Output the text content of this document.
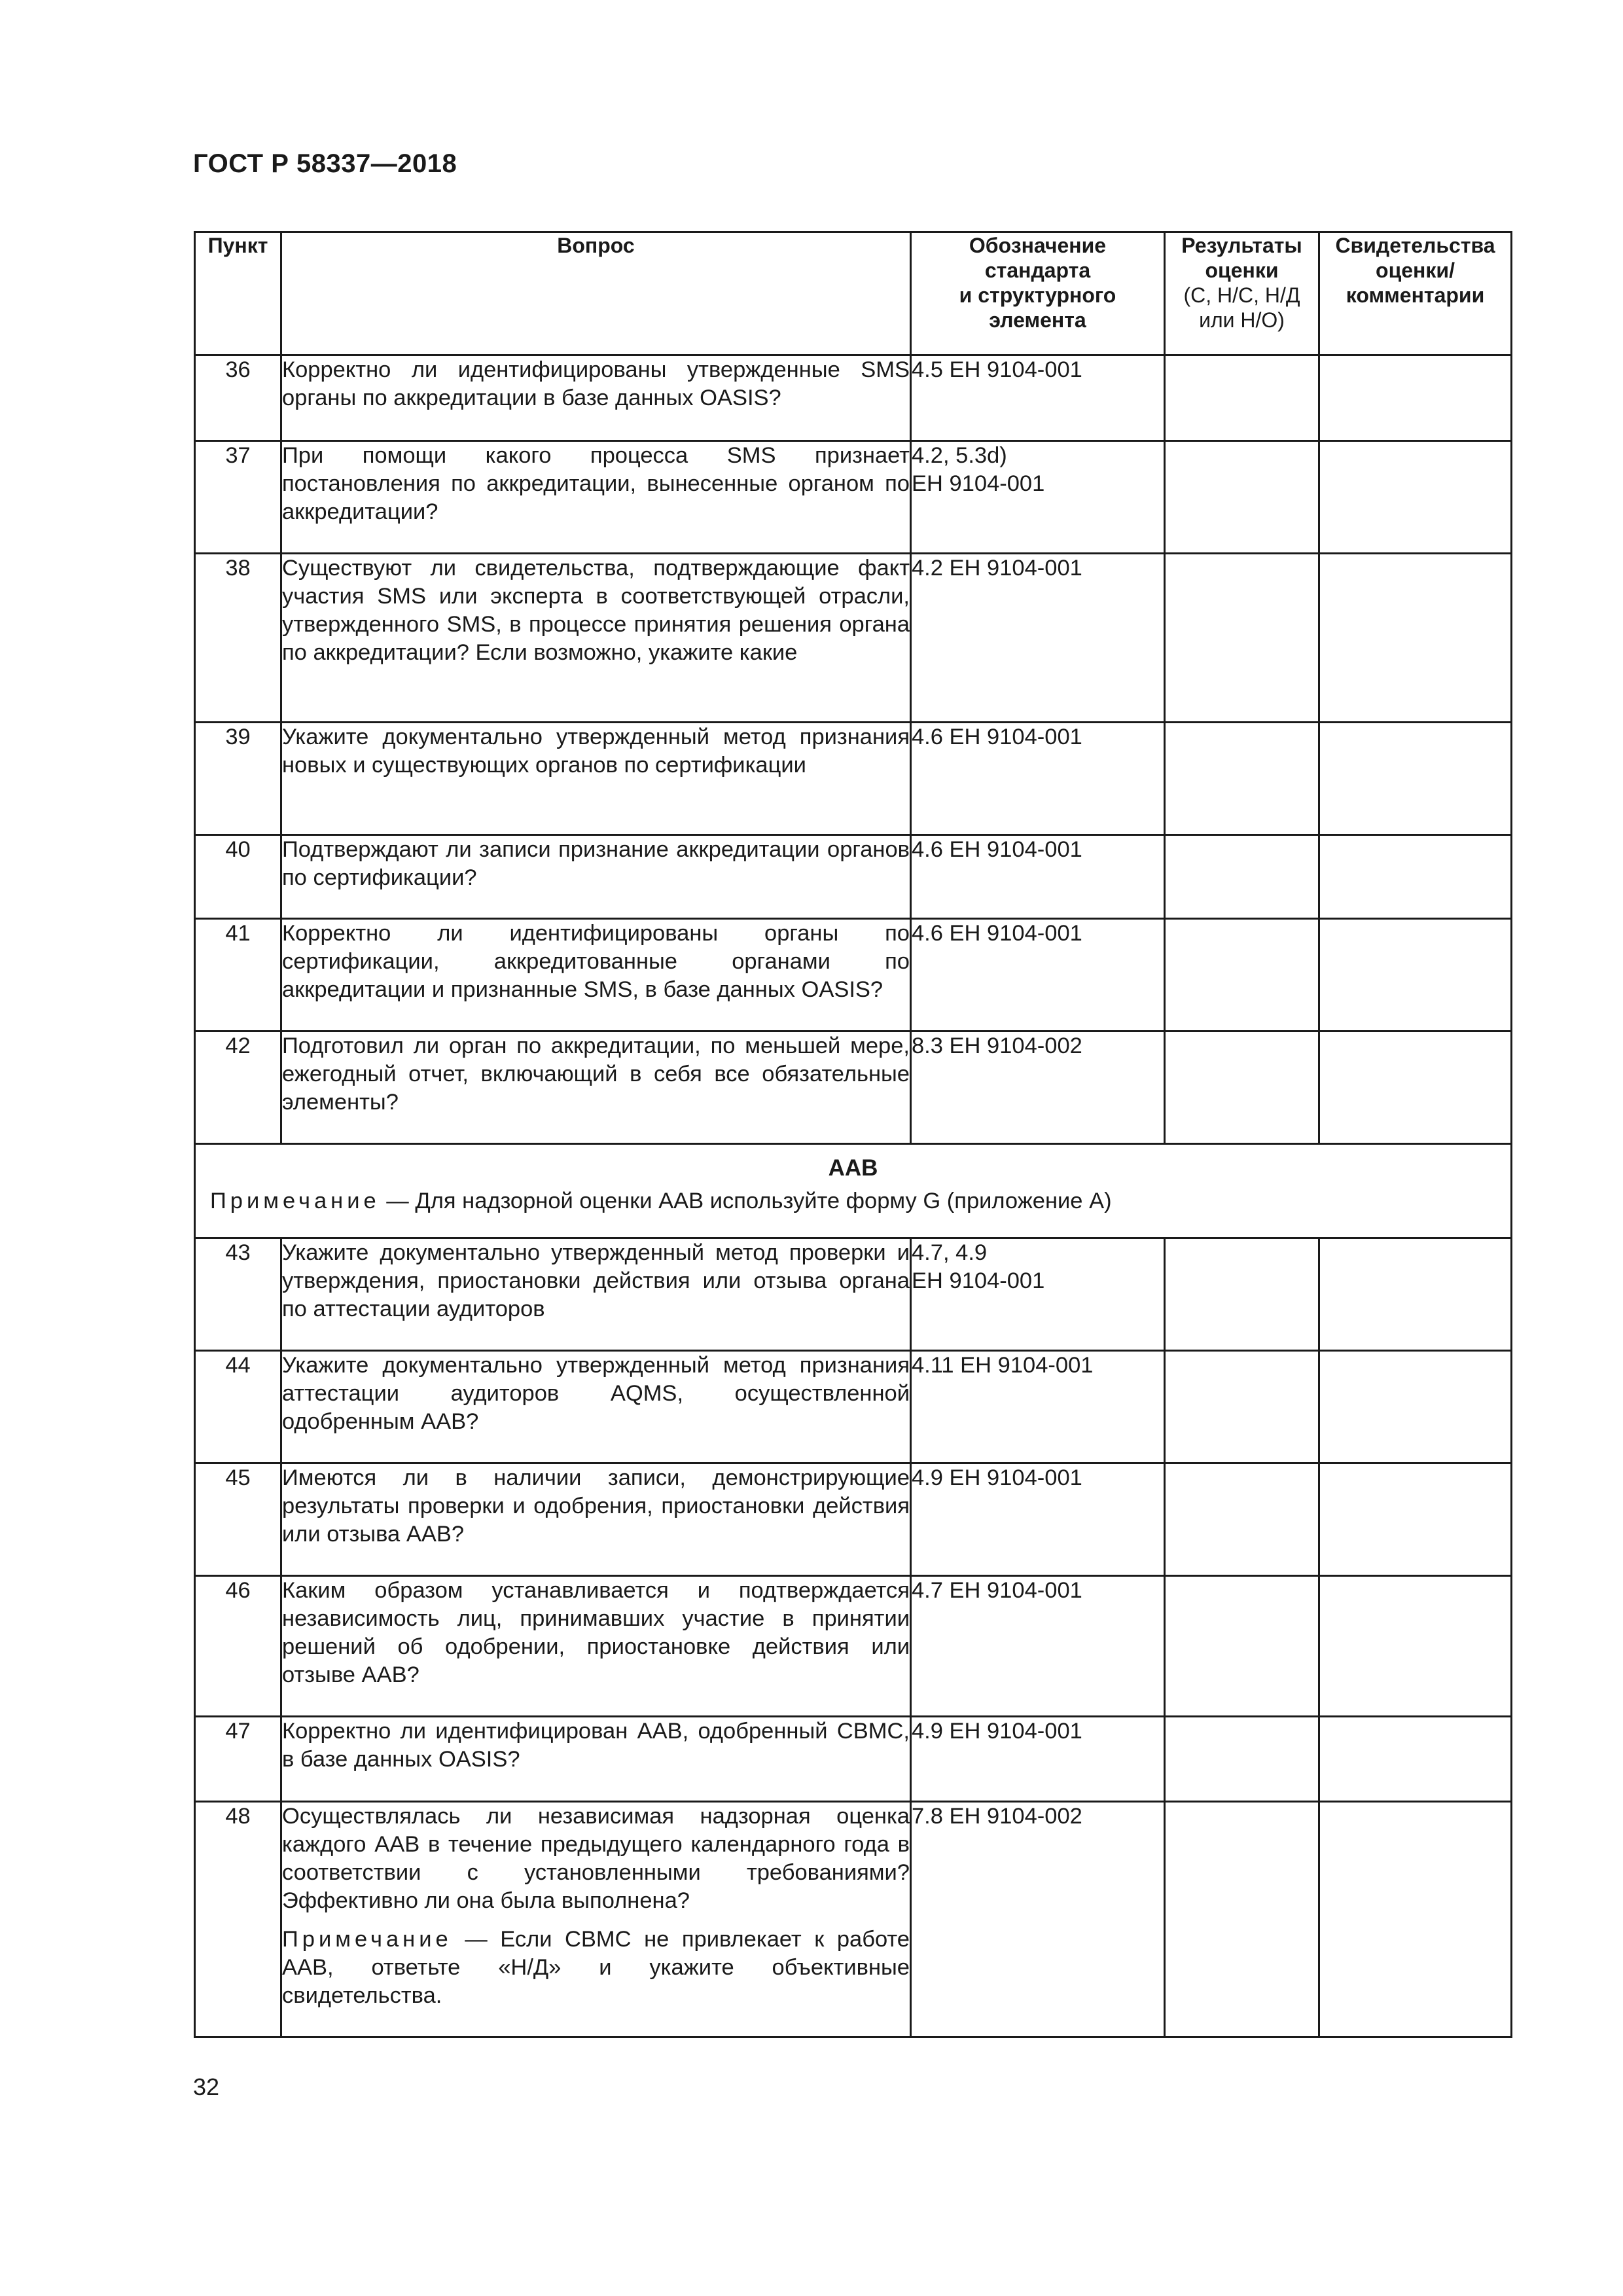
ГОСТ Р 58337—2018
Пункт	Вопрос	Обозначение
стандарта
и структурного
элемента	Результаты
оценки
(С, Н/С, Н/Д
или Н/О)	Свидетельства
оценки/
комментарии

36	Корректно ли идентифицированы утвержденные SMS органы по аккредитации в базе данных OASIS?	4.5 ЕН 9104-001		
37	При помощи какого процесса SMS признает постановления по аккредитации, вынесенные органом по аккредитации?	4.2, 5.3d)
ЕН 9104-001		
38	Существуют ли свидетельства, подтверждающие факт участия SMS или эксперта в соответствующей отрасли, утвержденного SMS, в процессе принятия решения органа по аккредитации? Если возможно, укажите какие	4.2 ЕН 9104-001		
39	Укажите документально утвержденный метод признания новых и существующих органов по сертификации	4.6 ЕН 9104-001		
40	Подтверждают ли записи признание аккредитации органов по сертификации?	4.6 ЕН 9104-001		
41	Корректно ли идентифицированы органы по сертификации, аккредитованные органами по аккредитации и признанные SMS, в базе данных OASIS?	4.6 ЕН 9104-001		
42	Подготовил ли орган по аккредитации, по меньшей мере, ежегодный отчет, включающий в себя все обязательные элементы?	8.3 ЕН 9104-002		

ААВ
Примечание — Для надзорной оценки ААВ используйте форму G (приложение А)				

43	Укажите документально утвержденный метод проверки и утверждения, приостановки действия или отзыва органа по аттестации аудиторов	4.7, 4.9
ЕН 9104-001		
44	Укажите документально утвержденный метод признания аттестации аудиторов AQMS, осуществленной одобренным ААВ?	4.11 ЕН 9104-001		
45	Имеются ли в наличии записи, демонстрирующие результаты проверки и одобрения, приостановки действия или отзыва ААВ?	4.9 ЕН 9104-001		
46	Каким образом устанавливается и подтверждается независимость лиц, принимавших участие в принятии решений об одобрении, приостановке действия или отзыве ААВ?	4.7 ЕН 9104-001		
47	Корректно ли идентифицирован ААВ, одобренный СВМС, в базе данных OASIS?	4.9 ЕН 9104-001		
48	Осуществлялась ли независимая надзорная оценка каждого ААВ в течение предыдущего календарного года в соответствии с установленными требованиями? Эффективно ли она была выполнена?
Примечание — Если СВМС не привлекает к работе ААВ, ответьте «Н/Д» и укажите объективные свидетельства.	7.8 ЕН 9104-002		
32
